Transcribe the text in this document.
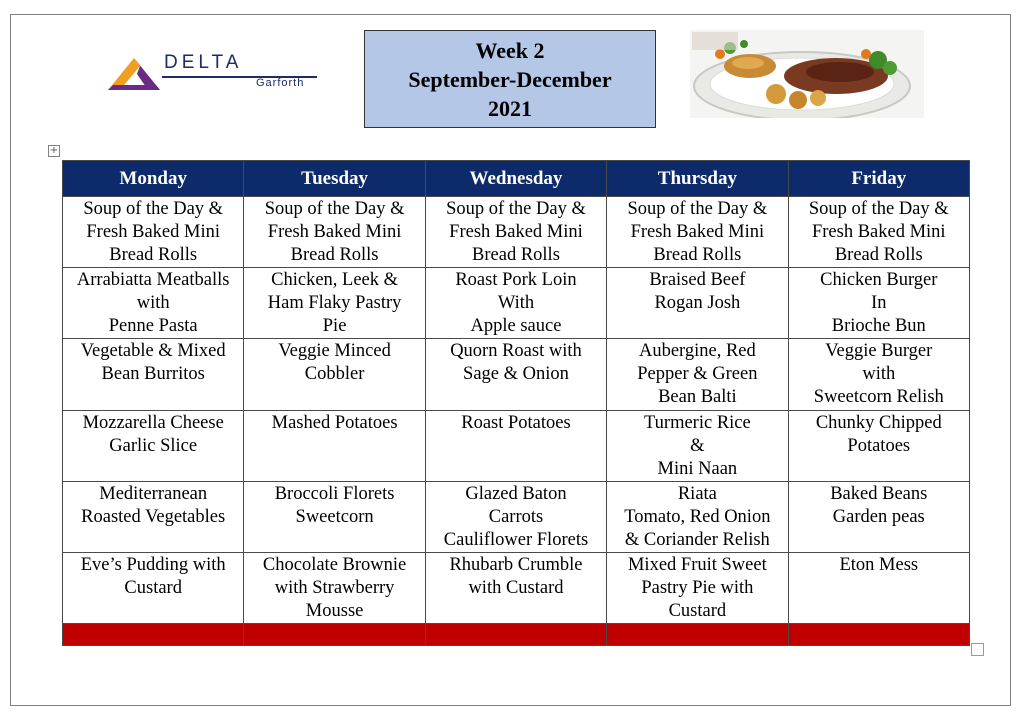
DELTA
Garforth
Week 2
September-December
2021
+
Monday	Tuesday	Wednesday	Thursday	Friday

Soup of the Day &
Fresh Baked Mini
Bread Rolls	Soup of the Day &
Fresh Baked Mini
Bread Rolls	Soup of the Day &
Fresh Baked Mini
Bread Rolls	Soup of the Day &
Fresh Baked Mini
Bread Rolls	Soup of the Day &
Fresh Baked Mini
Bread Rolls

Arrabiatta Meatballs
with
Penne Pasta	Chicken, Leek &
Ham Flaky Pastry
Pie	Roast Pork Loin
With
Apple sauce	Braised Beef
Rogan Josh	Chicken Burger
In
Brioche Bun

Vegetable & Mixed
Bean Burritos	Veggie Minced
Cobbler	Quorn Roast with
Sage & Onion	Aubergine, Red
Pepper & Green
Bean Balti	Veggie Burger
with
Sweetcorn Relish

Mozzarella Cheese
Garlic Slice	Mashed Potatoes	Roast Potatoes	Turmeric Rice
&
Mini Naan	Chunky Chipped
Potatoes

Mediterranean
Roasted Vegetables	Broccoli Florets
Sweetcorn	Glazed Baton
Carrots
Cauliflower Florets	Riata
Tomato, Red Onion
& Coriander Relish	Baked Beans
Garden peas

Eve’s Pudding with
Custard	Chocolate Brownie
with Strawberry
Mousse	Rhubarb Crumble
with Custard	Mixed Fruit Sweet
Pastry Pie with
Custard	Eton Mess
